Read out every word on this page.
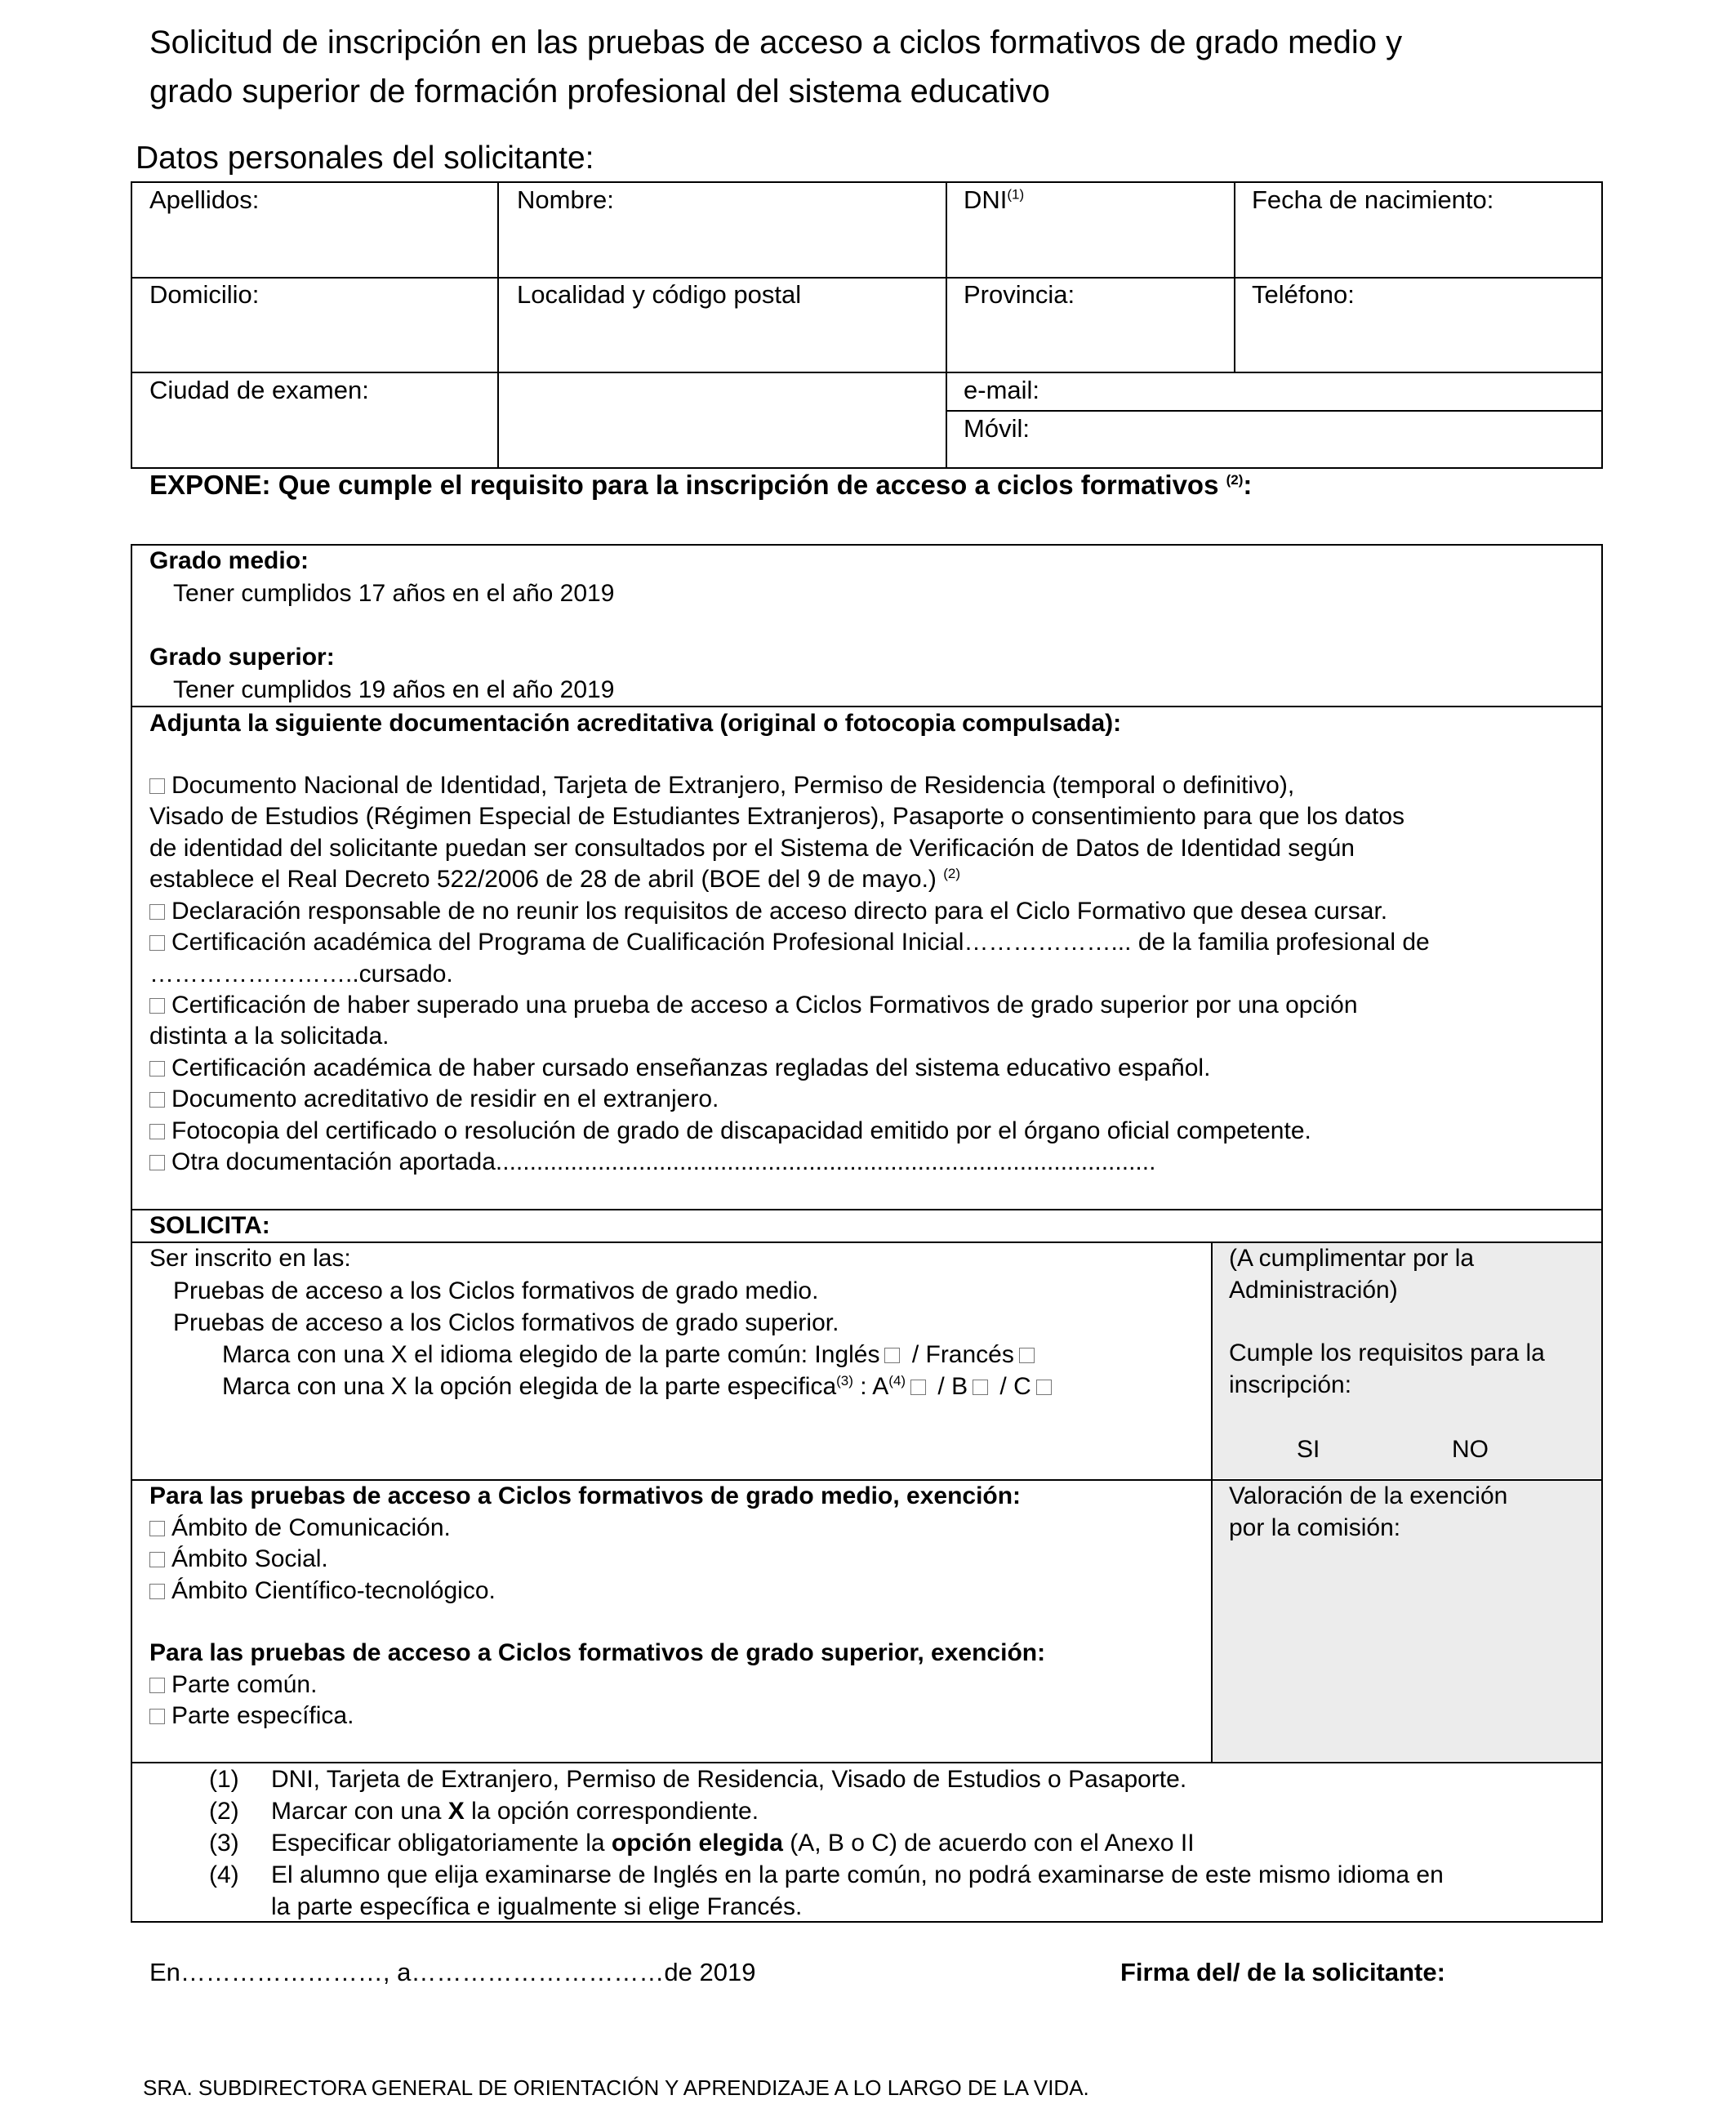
Solicitud de inscripción en las pruebas de acceso a ciclos formativos de grado medio y
grado superior de formación profesional del sistema educativo
Datos personales del solicitante:
Apellidos:	Nombre:	DNI$^{(1)}$	Fecha de nacimiento:
Domicilio:	Localidad y código postal	Provincia:	Teléfono:
Ciudad de examen:	e-mail:
Móvil:
EXPONE: Que cumple el requisito para la inscripción de acceso a ciclos formativos $^{(2)}$:
Grado medio:
Tener cumplidos 17 años en el año 2019
Grado superior:
Tener cumplidos 19 años en el año 2019
Adjunta la siguiente documentación acreditativa (original o fotocopia compulsada):
Documento Nacional de Identidad, Tarjeta de Extranjero, Permiso de Residencia (temporal o definitivo),
Visado de Estudios (Régimen Especial de Estudiantes Extranjeros), Pasaporte o consentimiento para que los datos
de identidad del solicitante puedan ser consultados por el Sistema de Verificación de Datos de Identidad según
establece el Real Decreto 522/2006 de 28 de abril (BOE del 9 de mayo.) $^{(2)}$
Declaración responsable de no reunir los requisitos de acceso directo para el Ciclo Formativo que desea cursar.
Certificación académica del Programa de Cualificación Profesional Inicial………………... de la familia profesional de
……………………..cursado.
Certificación de haber superado una prueba de acceso a Ciclos Formativos de grado superior por una opción
distinta a la solicitada.
Certificación académica de haber cursado enseñanzas regladas del sistema educativo español.
Documento acreditativo de residir en el extranjero.
Fotocopia del certificado o resolución de grado de discapacidad emitido por el órgano oficial competente.
Otra documentación aportada.................................................................................................
SOLICITA:
Ser inscrito en las:
Pruebas de acceso a los Ciclos formativos de grado medio.
Pruebas de acceso a los Ciclos formativos de grado superior.
Marca con una X el idioma elegido de la parte común: Inglés / Francés
Marca con una X la opción elegida de la parte especifica$^{(3)}$ : $A^{(4)}$ / B / C
(A cumplimentar por la
Administración)
Cumple los requisitos para la
inscripción:
SI	NO
Para las pruebas de acceso a Ciclos formativos de grado medio, exención:
Ámbito de Comunicación.
Ámbito Social.
Ámbito Científico-tecnológico.
Para las pruebas de acceso a Ciclos formativos de grado superior, exención:
Parte común.
Parte específica.
Valoración de la exención
por la comisión:
(1) DNI, Tarjeta de Extranjero, Permiso de Residencia, Visado de Estudios o Pasaporte.
(2) Marcar con una X la opción correspondiente.
(3) Especificar obligatoriamente la opción elegida (A, B o C) de acuerdo con el Anexo II
(4) El alumno que elija examinarse de Inglés en la parte común, no podrá examinarse de este mismo idioma en
la parte específica e igualmente si elige Francés.
En……………………, a…………………………de 2019	Firma del/ de la solicitante:
SRA. SUBDIRECTORA GENERAL DE ORIENTACIÓN Y APRENDIZAJE A LO LARGO DE LA VIDA.
